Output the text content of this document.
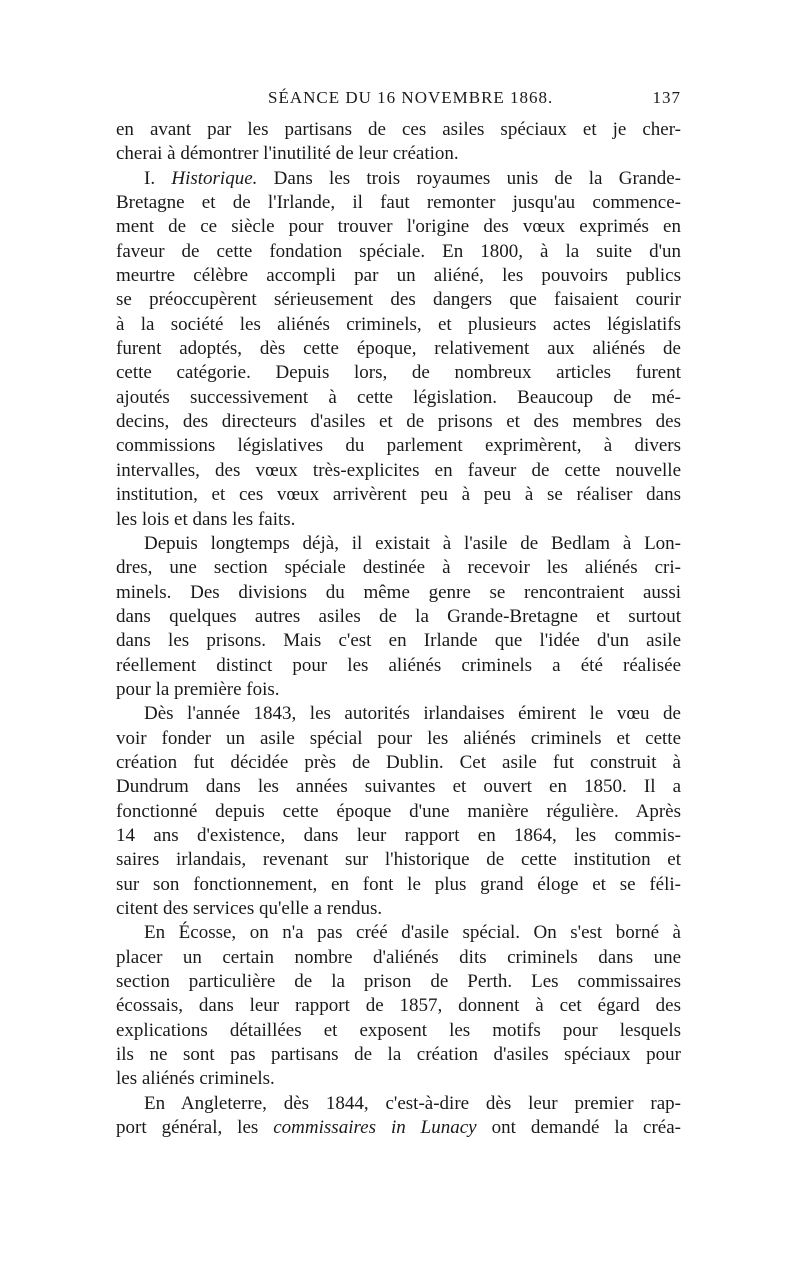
SÉANCE DU 16 NOVEMBRE 1868.	137
en avant par les partisans de ces asiles spéciaux et je cher-
cherai à démontrer l'inutilité de leur création.
I. Historique. Dans les trois royaumes unis de la Grande-
Bretagne et de l'Irlande, il faut remonter jusqu'au commence-
ment de ce siècle pour trouver l'origine des vœux exprimés en
faveur de cette fondation spéciale. En 1800, à la suite d'un
meurtre célèbre accompli par un aliéné, les pouvoirs publics
se préoccupèrent sérieusement des dangers que faisaient courir
à la société les aliénés criminels, et plusieurs actes législatifs
furent adoptés, dès cette époque, relativement aux aliénés de
cette catégorie. Depuis lors, de nombreux articles furent
ajoutés successivement à cette législation. Beaucoup de mé-
decins, des directeurs d'asiles et de prisons et des membres des
commissions législatives du parlement exprimèrent, à divers
intervalles, des vœux très-explicites en faveur de cette nouvelle
institution, et ces vœux arrivèrent peu à peu à se réaliser dans
les lois et dans les faits.
Depuis longtemps déjà, il existait à l'asile de Bedlam à Lon-
dres, une section spéciale destinée à recevoir les aliénés cri-
minels. Des divisions du même genre se rencontraient aussi
dans quelques autres asiles de la Grande-Bretagne et surtout
dans les prisons. Mais c'est en Irlande que l'idée d'un asile
réellement distinct pour les aliénés criminels a été réalisée
pour la première fois.
Dès l'année 1843, les autorités irlandaises émirent le vœu de
voir fonder un asile spécial pour les aliénés criminels et cette
création fut décidée près de Dublin. Cet asile fut construit à
Dundrum dans les années suivantes et ouvert en 1850. Il a
fonctionné depuis cette époque d'une manière régulière. Après
14 ans d'existence, dans leur rapport en 1864, les commis-
saires irlandais, revenant sur l'historique de cette institution et
sur son fonctionnement, en font le plus grand éloge et se féli-
citent des services qu'elle a rendus.
En Écosse, on n'a pas créé d'asile spécial. On s'est borné à
placer un certain nombre d'aliénés dits criminels dans une
section particulière de la prison de Perth. Les commissaires
écossais, dans leur rapport de 1857, donnent à cet égard des
explications détaillées et exposent les motifs pour lesquels
ils ne sont pas partisans de la création d'asiles spéciaux pour
les aliénés criminels.
En Angleterre, dès 1844, c'est-à-dire dès leur premier rap-
port général, les commissaires in Lunacy ont demandé la créa-
